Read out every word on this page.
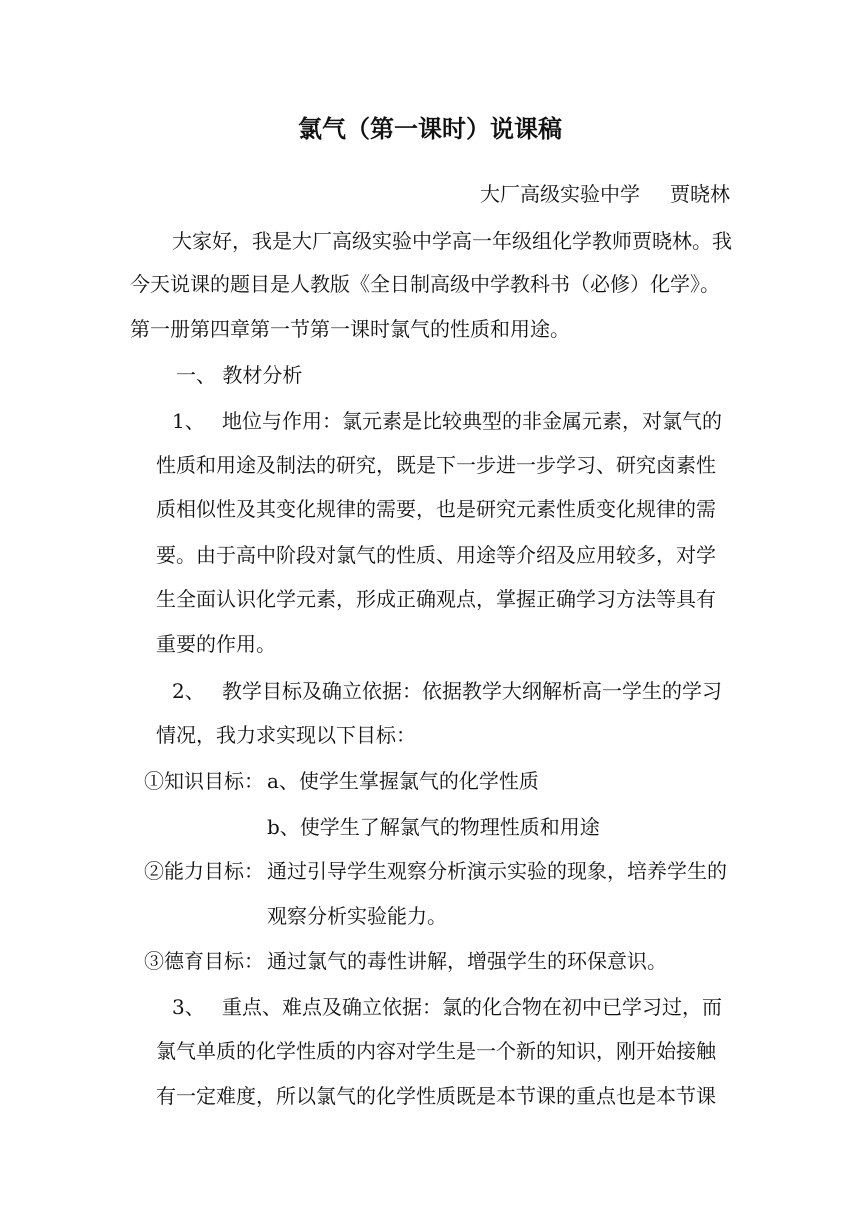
氯气（第一课时）说课稿
大厂高级实验中学 贾晓林
大家好，我是大厂高级实验中学高一年级组化学教师贾晓林。我
今天说课的题目是人教版《全日制高级中学教科书（必修）化学》。
第一册第四章第一节第一课时氯气的性质和用途。
一、 教材分析
1、 地位与作用：氯元素是比较典型的非金属元素，对氯气的
性质和用途及制法的研究，既是下一步进一步学习、研究卤素性
质相似性及其变化规律的需要，也是研究元素性质变化规律的需
要。由于高中阶段对氯气的性质、用途等介绍及应用较多，对学
生全面认识化学元素，形成正确观点，掌握正确学习方法等具有
重要的作用。
2、 教学目标及确立依据：依据教学大纲解析高一学生的学习
情况，我力求实现以下目标：
①知识目标： a、使学生掌握氯气的化学性质
b、使学生了解氯气的物理性质和用途
②能力目标： 通过引导学生观察分析演示实验的现象，培养学生的
观察分析实验能力。
③德育目标： 通过氯气的毒性讲解，增强学生的环保意识。
3、 重点、难点及确立依据：氯的化合物在初中已学习过，而
氯气单质的化学性质的内容对学生是一个新的知识，刚开始接触
有一定难度，所以氯气的化学性质既是本节课的重点也是本节课
